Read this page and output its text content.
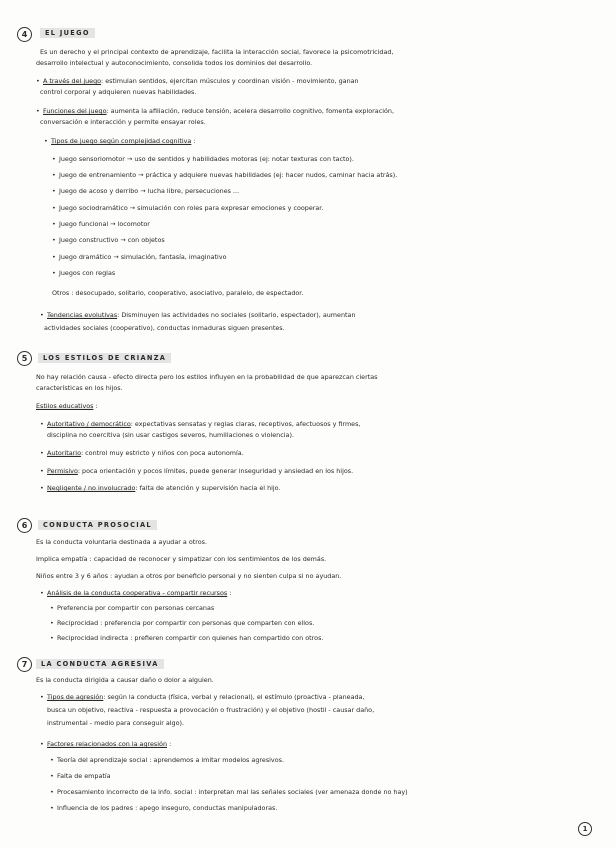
4	EL JUEGO
Es un derecho y el principal contexto de aprendizaje, facilita la interacción social, favorece la psicomotricidad,
desarrollo intelectual y autoconocimiento, consolida todos los dominios del desarrollo.
• A través del juego: estimulan sentidos, ejercitan músculos y coordinan visión - movimiento, ganan
control corporal y adquieren nuevas habilidades.
• Funciones del juego: aumenta la afiliación, reduce tensión, acelera desarrollo cognitivo, fomenta exploración,
conversación e interacción y permite ensayar roles.
• Tipos de juego según complejidad cognitiva :
• Juego sensoriomotor → uso de sentidos y habilidades motoras (ej: notar texturas con tacto).
• Juego de entrenamiento → práctica y adquiere nuevas habilidades (ej: hacer nudos, caminar hacia atrás).
• Juego de acoso y derribo → lucha libre, persecuciones ...
• Juego sociodramático → simulación con roles para expresar emociones y cooperar.
• Juego funcional → locomotor
• Juego constructivo → con objetos
• Juego dramático → simulación, fantasía, imaginativo
• Juegos con reglas
Otros : desocupado, solitario, cooperativo, asociativo, paralelo, de espectador.
• Tendencias evolutivas: Disminuyen las actividades no sociales (solitario, espectador), aumentan
actividades sociales (cooperativo), conductas inmaduras siguen presentes.
5	LOS ESTILOS DE CRIANZA
No hay relación causa - efecto directa pero los estilos influyen en la probabilidad de que aparezcan ciertas
características en los hijos.
Estilos educativos :
• Autoritativo / democrático: expectativas sensatas y reglas claras, receptivos, afectuosos y firmes,
disciplina no coercitiva (sin usar castigos severos, humillaciones o violencia).
• Autoritario: control muy estricto y niños con poca autonomía.
• Permisivo: poca orientación y pocos límites, puede generar inseguridad y ansiedad en los hijos.
• Negligente / no involucrado: falta de atención y supervisión hacia el hijo.
6	CONDUCTA PROSOCIAL
Es la conducta voluntaria destinada a ayudar a otros.
Implica empatía : capacidad de reconocer y simpatizar con los sentimientos de los demás.
Niños entre 3 y 6 años : ayudan a otros por beneficio personal y no sienten culpa si no ayudan.
• Análisis de la conducta cooperativa - compartir recursos :
• Preferencia por compartir con personas cercanas
• Reciprocidad : preferencia por compartir con personas que comparten con ellos.
• Reciprocidad indirecta : prefieren compartir con quienes han compartido con otros.
7	LA CONDUCTA AGRESIVA
Es la conducta dirigida a causar daño o dolor a alguien.
• Tipos de agresión: según la conducta (física, verbal y relacional), el estímulo (proactiva - planeada,
busca un objetivo, reactiva - respuesta a provocación o frustración) y el objetivo (hostil - causar daño,
instrumental - medio para conseguir algo).
• Factores relacionados con la agresión :
• Teoría del aprendizaje social : aprendemos a imitar modelos agresivos.
• Falta de empatía
• Procesamiento incorrecto de la info. social : interpretan mal las señales sociales (ver amenaza donde no hay)
• Influencia de los padres : apego inseguro, conductas manipuladoras.
1
